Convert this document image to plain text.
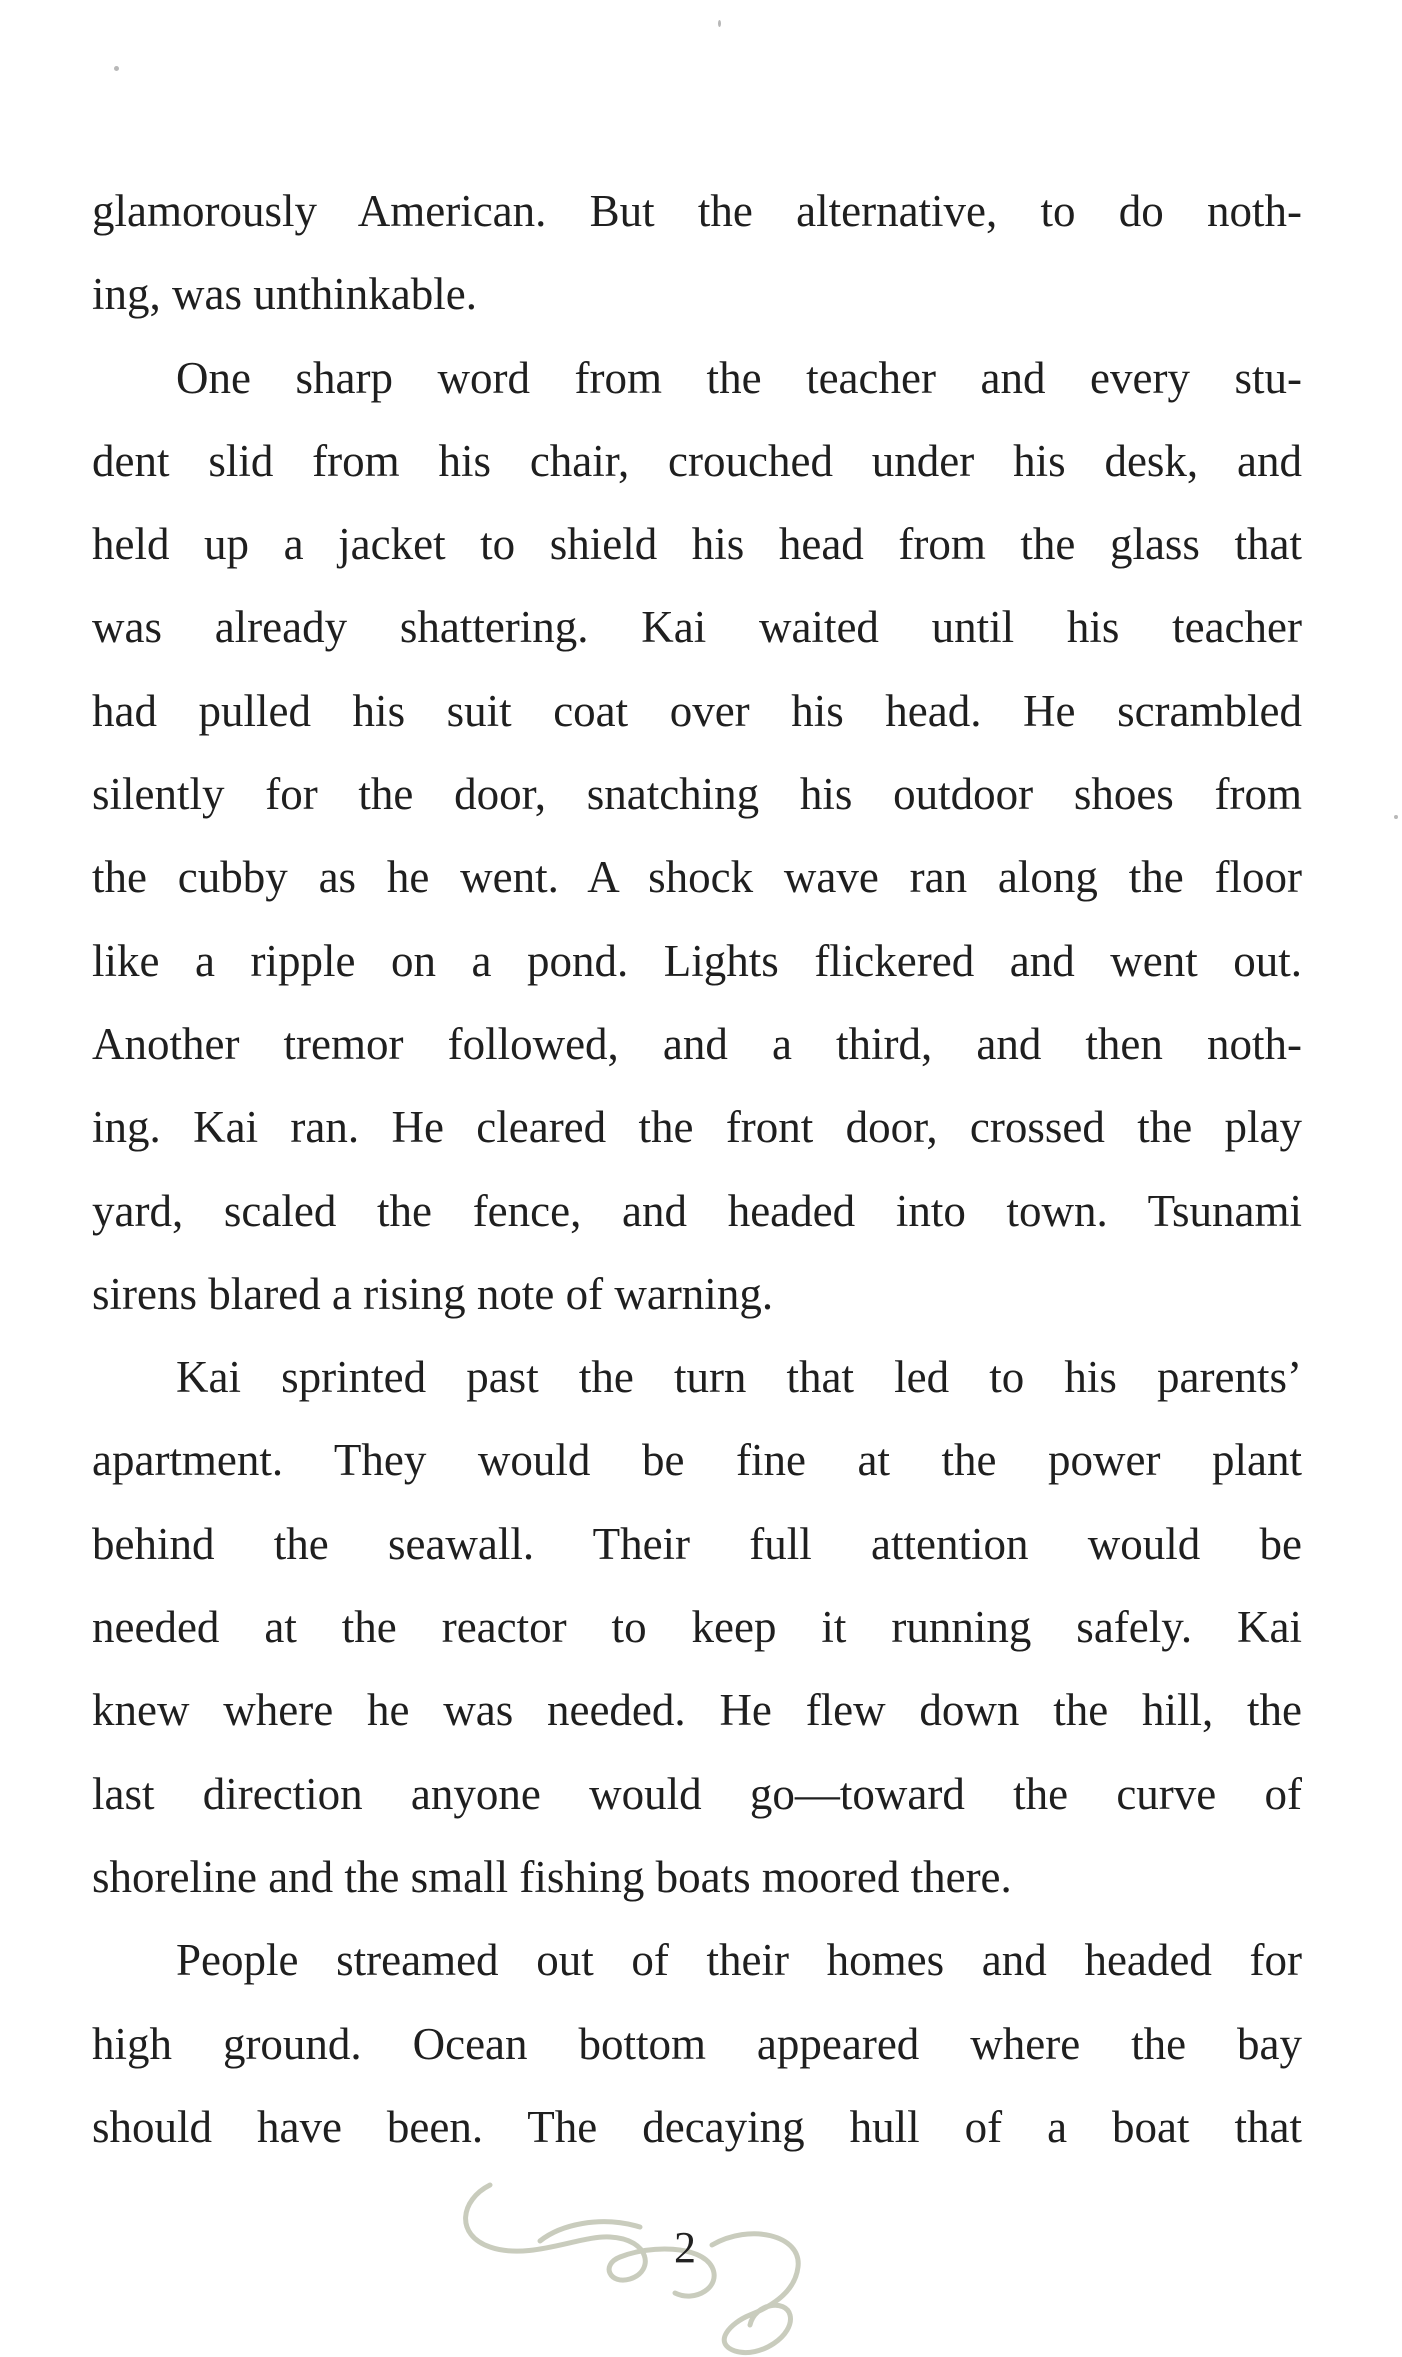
glamorously American. But the alternative, to do noth-
ing, was unthinkable.
One sharp word from the teacher and every stu-
dent slid from his chair, crouched under his desk, and
held up a jacket to shield his head from the glass that
was already shattering. Kai waited until his teacher
had pulled his suit coat over his head. He scrambled
silently for the door, snatching his outdoor shoes from
the cubby as he went. A shock wave ran along the floor
like a ripple on a pond. Lights flickered and went out.
Another tremor followed, and a third, and then noth-
ing. Kai ran. He cleared the front door, crossed the play
yard, scaled the fence, and headed into town. Tsunami
sirens blared a rising note of warning.
Kai sprinted past the turn that led to his parents’
apartment. They would be fine at the power plant
behind the seawall. Their full attention would be
needed at the reactor to keep it running safely. Kai
knew where he was needed. He flew down the hill, the
last direction anyone would go—toward the curve of
shoreline and the small fishing boats moored there.
People streamed out of their homes and headed for
high ground. Ocean bottom appeared where the bay
should have been. The decaying hull of a boat that
2
